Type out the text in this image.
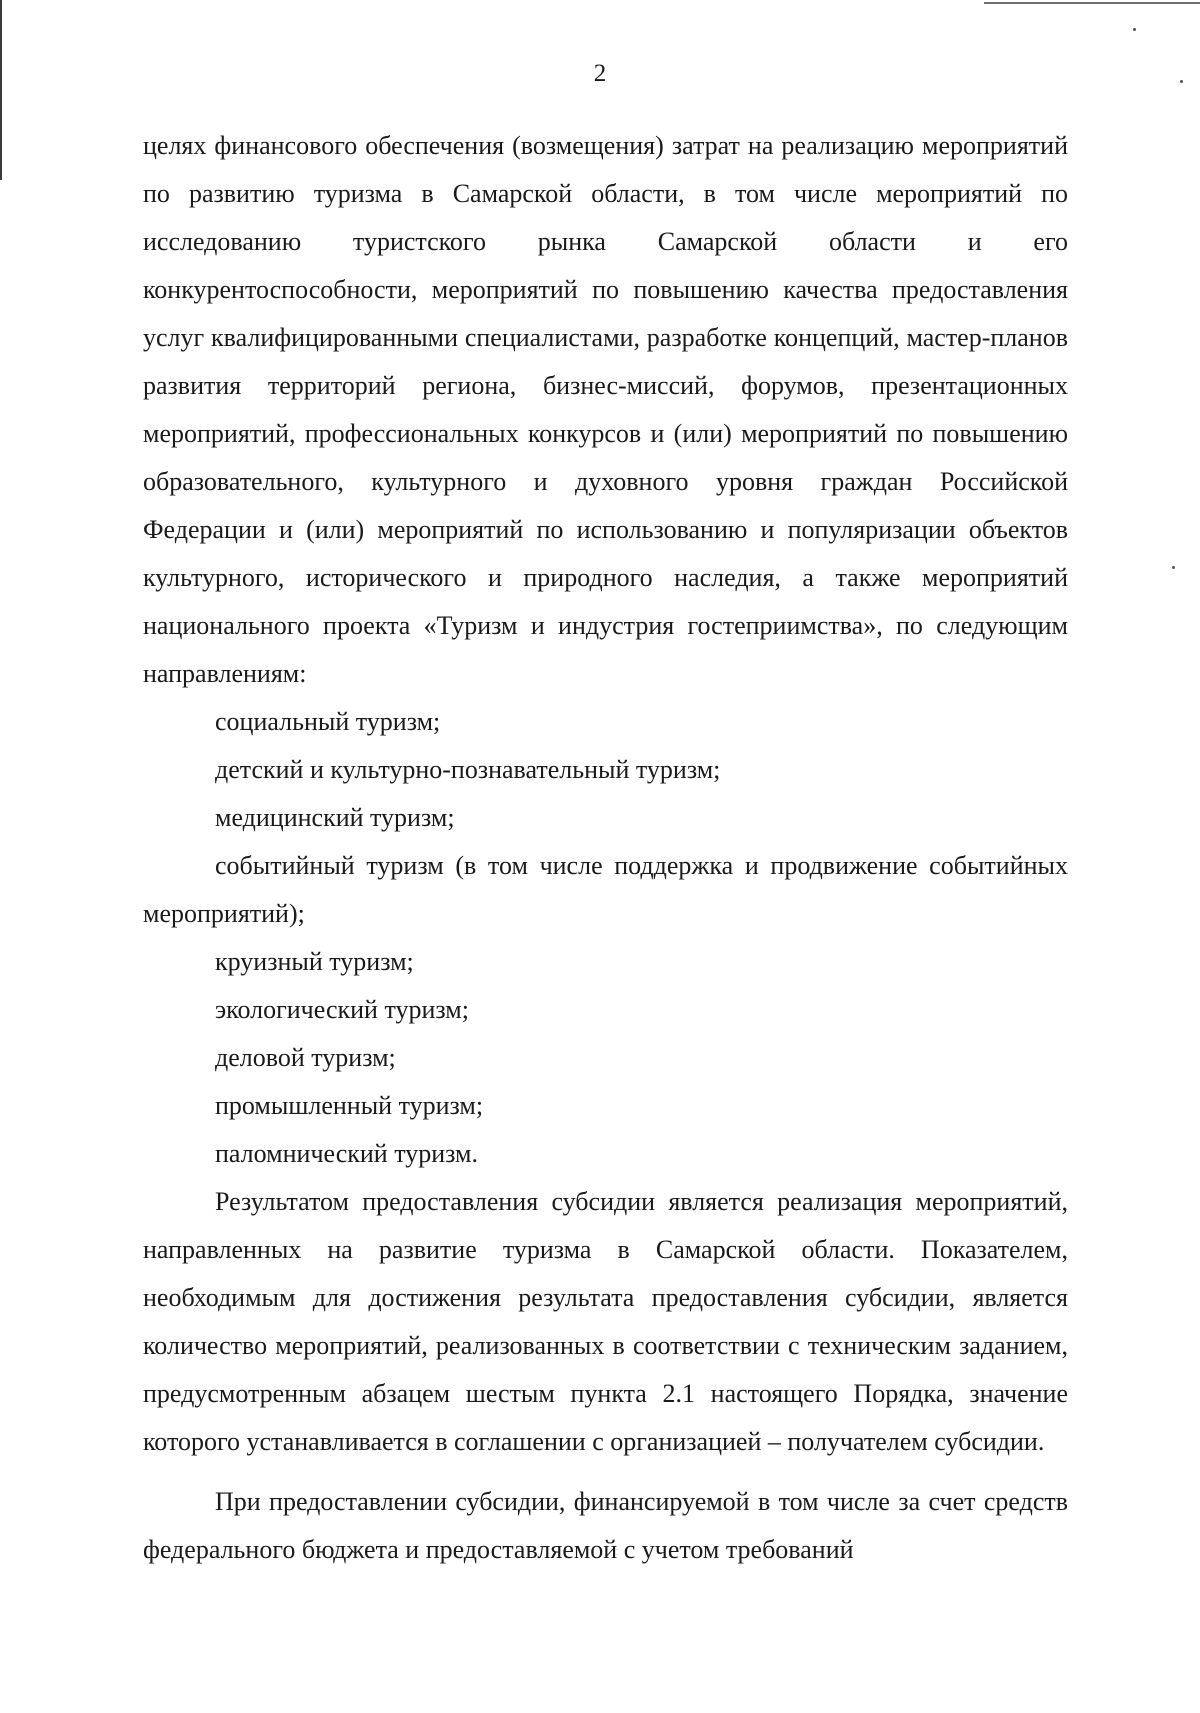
2

целях финансового обеспечения (возмещения) затрат на реализацию мероприятий по развитию туризма в Самарской области, в том числе мероприятий по исследованию туристского рынка Самарской области и его конкурентоспособности, мероприятий по повышению качества предоставления услуг квалифицированными специалистами, разработке концепций, мастер-планов развития территорий региона, бизнес-миссий, форумов, презентационных мероприятий, профессиональных конкурсов и (или) мероприятий по повышению образовательного, культурного и духовного уровня граждан Российской Федерации и (или) мероприятий по использованию и популяризации объектов культурного, исторического и природного наследия, а также мероприятий национального проекта «Туризм и индустрия гостеприимства», по следующим направлениям:

социальный туризм;

детский и культурно-познавательный туризм;

медицинский туризм;

событийный туризм (в том числе поддержка и продвижение событийных мероприятий);

круизный туризм;

экологический туризм;

деловой туризм;

промышленный туризм;

паломнический туризм.

Результатом предоставления субсидии является реализация мероприятий, направленных на развитие туризма в Самарской области. Показателем, необходимым для достижения результата предоставления субсидии, является количество мероприятий, реализованных в соответствии с техническим заданием, предусмотренным абзацем шестым пункта 2.1 настоящего Порядка, значение которого устанавливается в соглашении с организацией – получателем субсидии.

При предоставлении субсидии, финансируемой в том числе за счет средств федерального бюджета и предоставляемой с учетом требований
